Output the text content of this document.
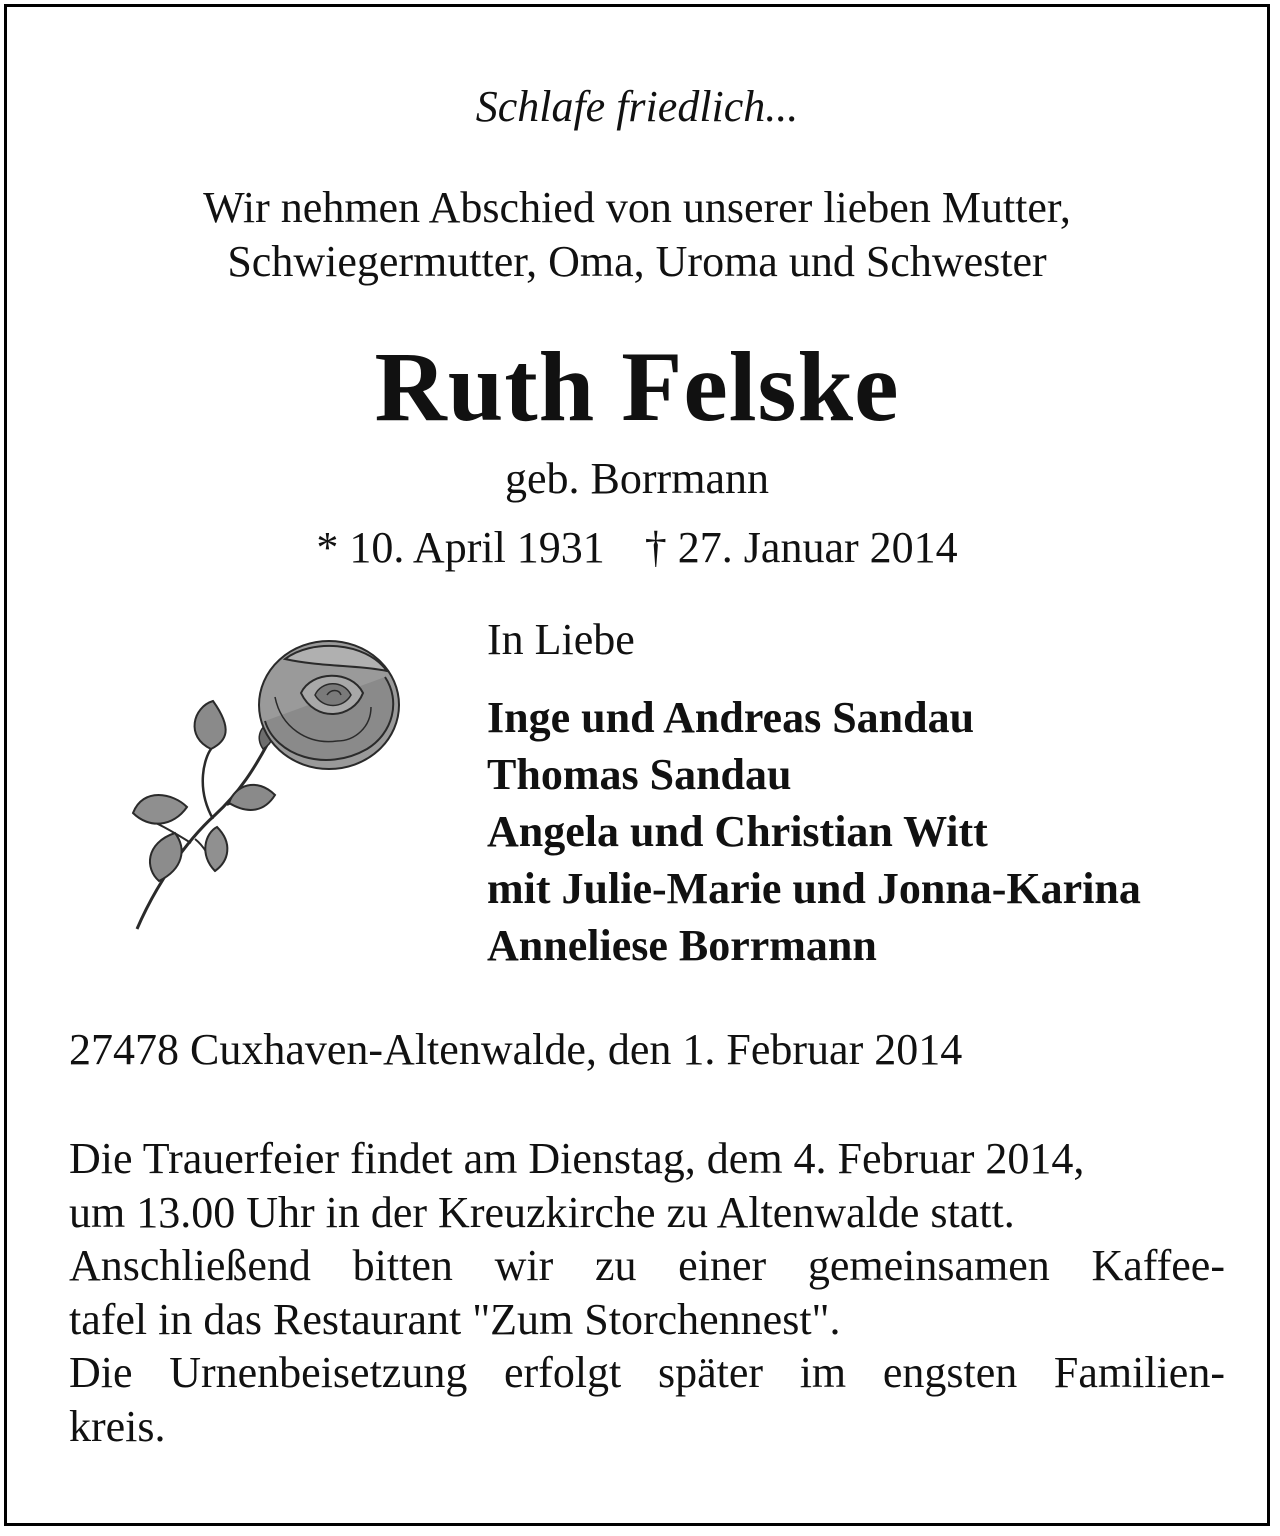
Schlafe friedlich...
Wir nehmen Abschied von unserer lieben Mutter,
Schwiegermutter, Oma, Uroma und Schwester
Ruth Felske
geb. Borrmann
* 10. April 1931 † 27. Januar 2014
In Liebe
Inge und Andreas Sandau
Thomas Sandau
Angela und Christian Witt
mit Julie-Marie und Jonna-Karina
Anneliese Borrmann
27478 Cuxhaven-Altenwalde, den 1. Februar 2014
Die Trauerfeier findet am Dienstag, dem 4. Februar 2014,
um 13.00 Uhr in der Kreuzkirche zu Altenwalde statt.
Anschließend bitten wir zu einer gemeinsamen Kaffee-
tafel in das Restaurant "Zum Storchennest".
Die Urnenbeisetzung erfolgt später im engsten Familien-
kreis.
